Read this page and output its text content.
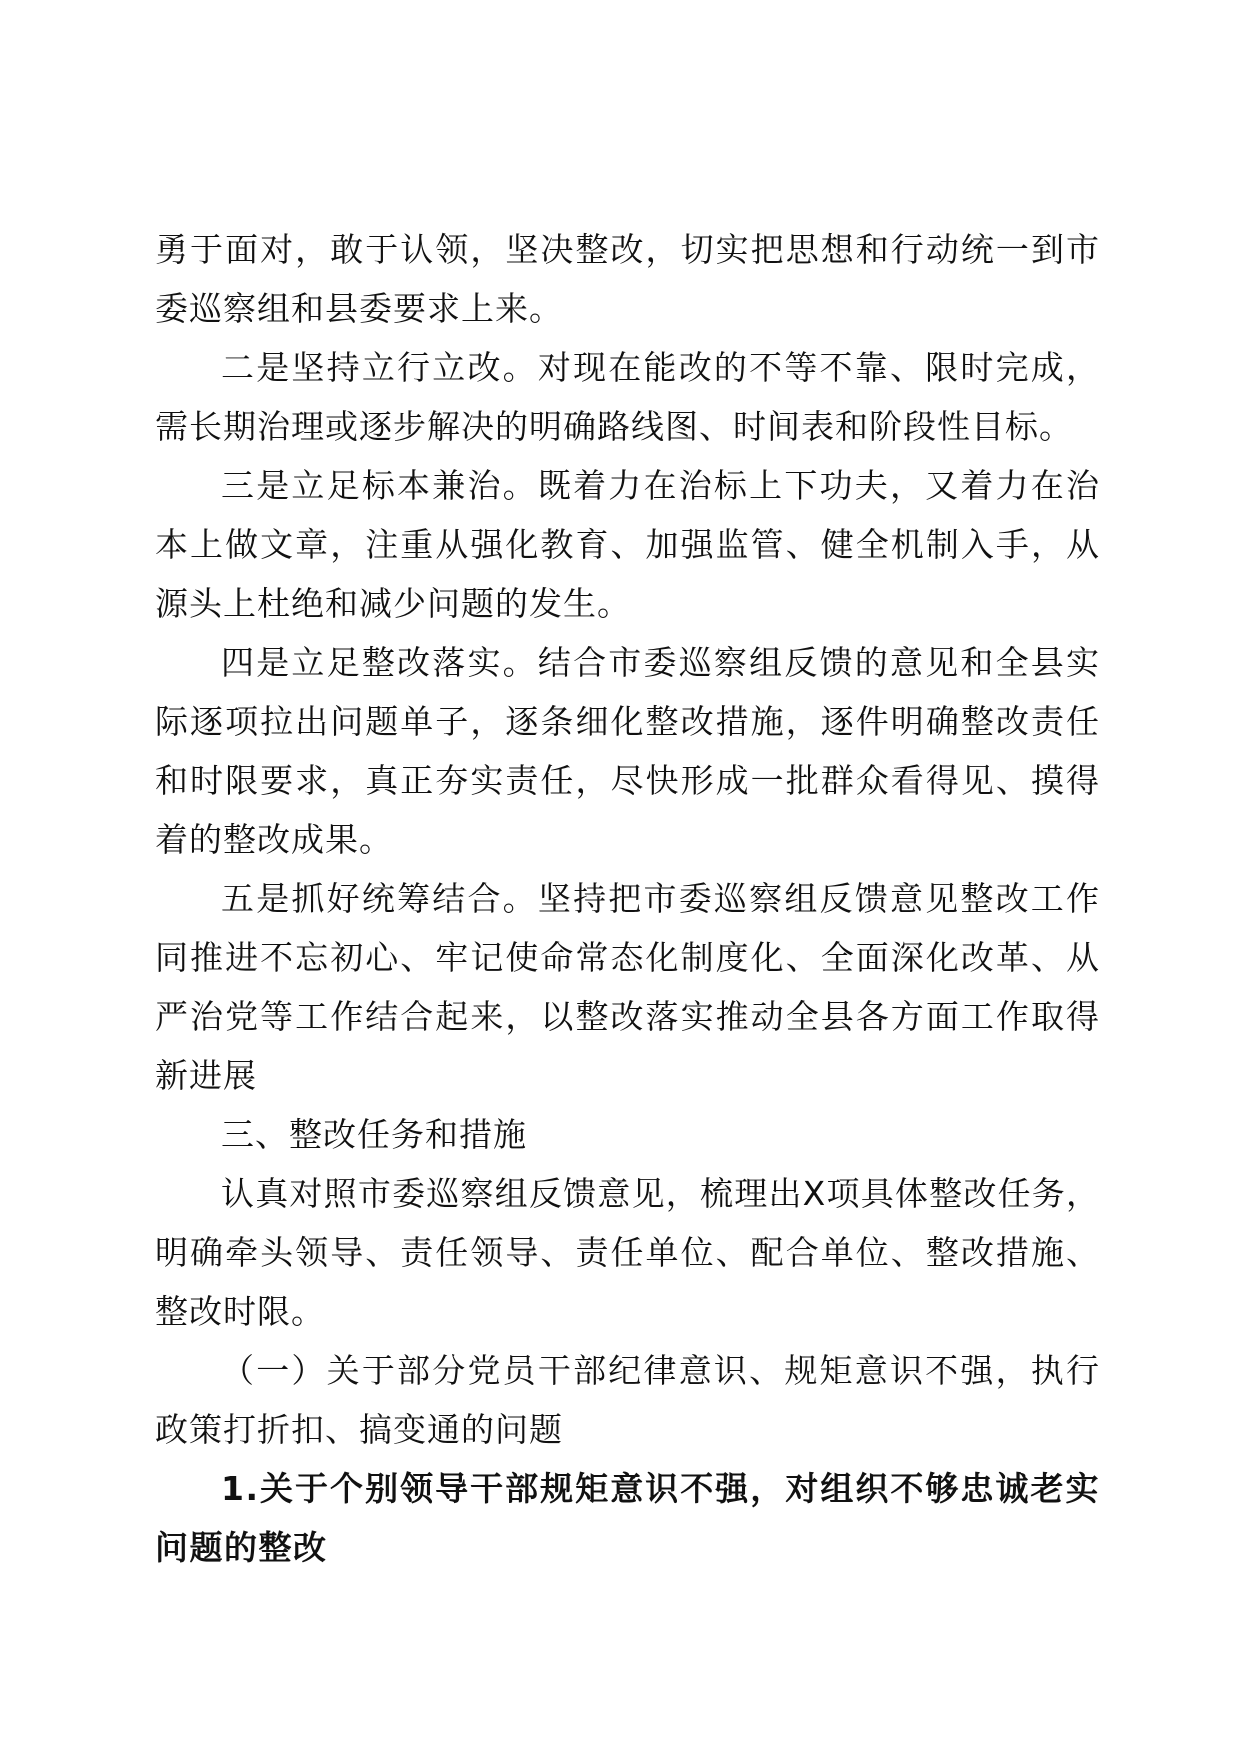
勇于面对，敢于认领，坚决整改，切实把思想和行动统一到市委巡察组和县委要求上来。

二是坚持立行立改。对现在能改的不等不靠、限时完成，需长期治理或逐步解决的明确路线图、时间表和阶段性目标。

三是立足标本兼治。既着力在治标上下功夫，又着力在治本上做文章，注重从强化教育、加强监管、健全机制入手，从源头上杜绝和减少问题的发生。

四是立足整改落实。结合市委巡察组反馈的意见和全县实际逐项拉出问题单子，逐条细化整改措施，逐件明确整改责任和时限要求，真正夯实责任，尽快形成一批群众看得见、摸得着的整改成果。

五是抓好统筹结合。坚持把市委巡察组反馈意见整改工作同推进不忘初心、牢记使命常态化制度化、全面深化改革、从严治党等工作结合起来，以整改落实推动全县各方面工作取得新进展

三、整改任务和措施

认真对照市委巡察组反馈意见，梳理出X项具体整改任务，明确牵头领导、责任领导、责任单位、配合单位、整改措施、整改时限。

（一）关于部分党员干部纪律意识、规矩意识不强，执行政策打折扣、搞变通的问题

1.关于个别领导干部规矩意识不强，对组织不够忠诚老实问题的整改
